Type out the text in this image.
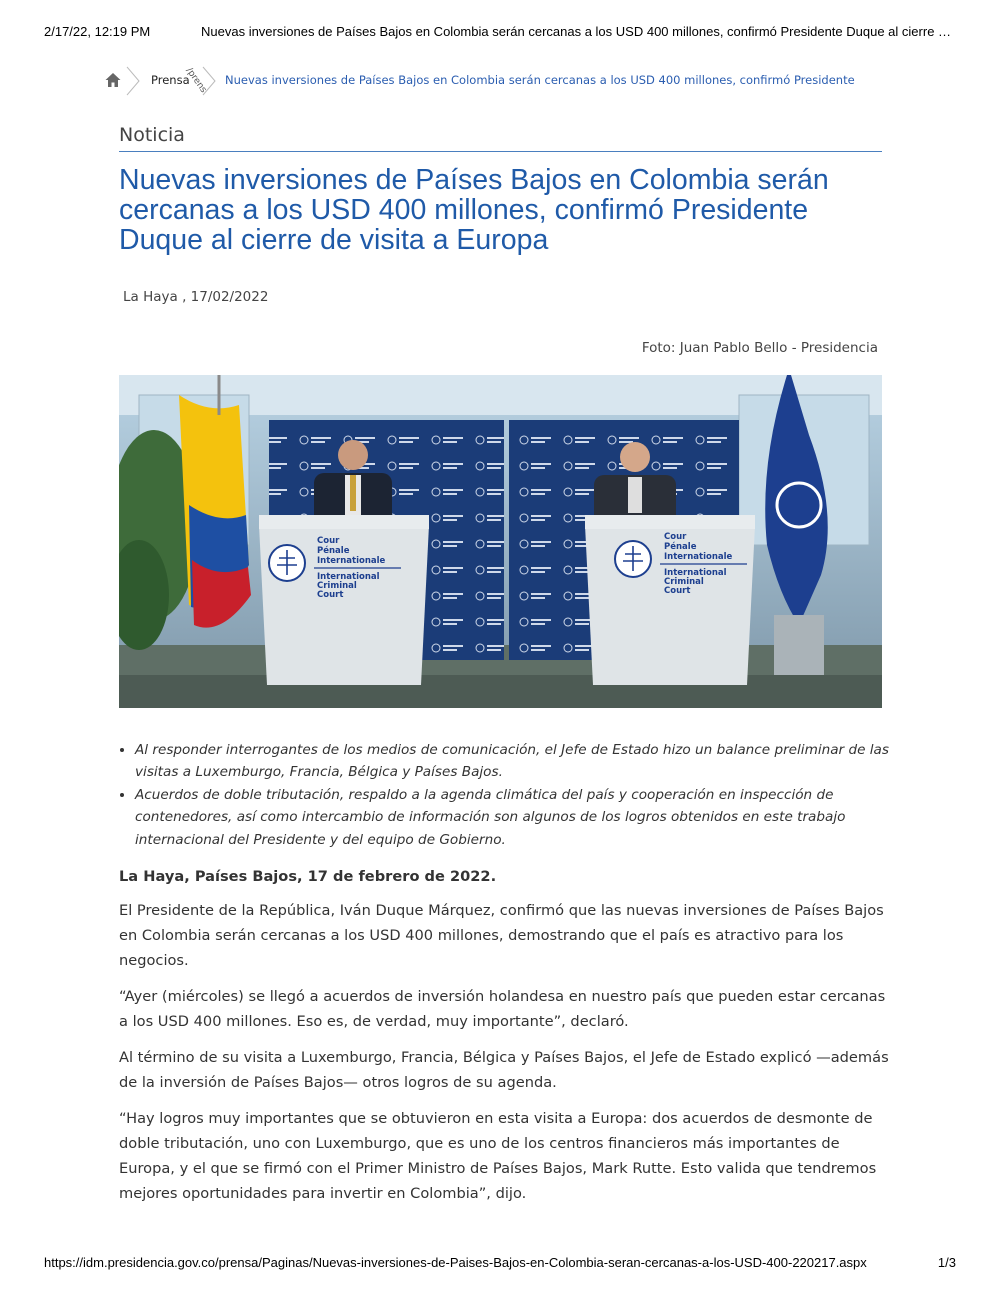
2/17/22, 12:19 PM	Nuevas inversiones de Países Bajos en Colombia serán cercanas a los USD 400 millones, confirmó Presidente Duque al cierre …
Prensa
/prens Nuevas inversiones de Países Bajos en Colombia serán cercanas a los USD 400 millones, confirmó Presidente
Noticia
Nuevas inversiones de Países Bajos en Colombia serán cercanas a los USD 400 millones, confirmó Presidente Duque al cierre de visita a Europa
La Haya , 17/02/2022
Foto: Juan Pablo Bello - Presidencia
Cour
Pénale
Internationale
International
Criminal
Court
Cour
Pénale
Internationale
International
Criminal
Court
• Al responder interrogantes de los medios de comunicación, el Jefe de Estado hizo un balance preliminar de las visitas a Luxemburgo, Francia, Bélgica y Países Bajos.
• Acuerdos de doble tributación, respaldo a la agenda climática del país y cooperación en inspección de contenedores, así como intercambio de información son algunos de los logros obtenidos en este trabajo internacional del Presidente y del equipo de Gobierno.

La Haya, Países Bajos, 17 de febrero de 2022.

El Presidente de la República, Iván Duque Márquez, confirmó que las nuevas inversiones de Países Bajos en Colombia serán cercanas a los USD 400 millones, demostrando que el país es atractivo para los negocios.

“Ayer (miércoles) se llegó a acuerdos de inversión holandesa en nuestro país que pueden estar cercanas a los USD 400 millones. Eso es, de verdad, muy importante”, declaró.

Al término de su visita a Luxemburgo, Francia, Bélgica y Países Bajos, el Jefe de Estado explicó —además de la inversión de Países Bajos— otros logros de su agenda.

“Hay logros muy importantes que se obtuvieron en esta visita a Europa: dos acuerdos de desmonte de doble tributación, uno con Luxemburgo, que es uno de los centros financieros más importantes de Europa, y el que se firmó con el Primer Ministro de Países Bajos, Mark Rutte. Esto valida que tendremos mejores oportunidades para invertir en Colombia”, dijo.

https://idm.presidencia.gov.co/prensa/Paginas/Nuevas-inversiones-de-Paises-Bajos-en-Colombia-seran-cercanas-a-los-USD-400-220217.aspx	1/3
